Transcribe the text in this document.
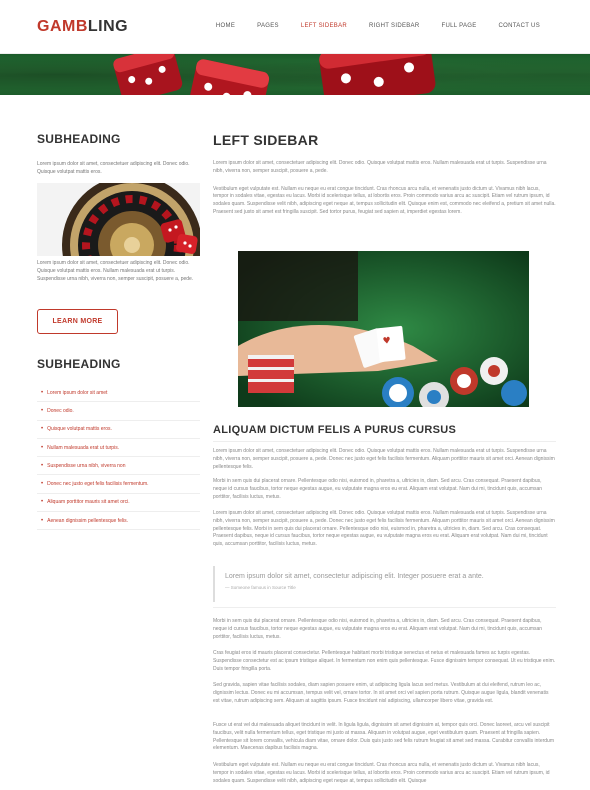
GAMBLING	HOME	PAGES	LEFT SIDEBAR	RIGHT SIDEBAR	FULL PAGE	CONTACT US
SUBHEADING
Lorem ipsum dolor sit amet, consectetuer adipiscing elit. Donec odio. Quisque volutpat mattis eros.
Lorem ipsum dolor sit amet, consectetuer adipiscing elit. Donec odio. Quisque volutpat mattis eros. Nullam malesuada erat ut turpis. Suspendisse urna nibh, viverra non, semper suscipit, posuere a, pede.
LEARN MORE
SUBHEADING
• Lorem ipsum dolor sit amet
• Donec odio.
• Quisque volutpat mattis eros.
• Nullam malesuada erat ut turpis.
• Suspendisse urna nibh, viverra non
• Donec nec justo eget felis facilisis fermentum.
• Aliquam porttitor mauris sit amet orci.
• Aenean dignissim pellentesque felis.
LEFT SIDEBAR
Lorem ipsum dolor sit amet, consectetuer adipiscing elit. Donec odio. Quisque volutpat mattis eros. Nullam malesuada erat ut turpis. Suspendisse urna nibh, viverra non, semper suscipit, posuere a, pede.
Vestibulum eget vulputate est. Nullam eu neque eu erat congue tincidunt. Cras rhoncus arcu nulla, et venenatis justo dictum ut. Vivamus nibh lacus, tempor in sodales vitae, egestas eu lacus. Morbi id scelerisque tellus, at lobortis eros. Proin commodo varius arcu ac suscipit. Etiam vel rutrum ipsum, id sodales quam. Suspendisse velit nibh, adipiscing eget neque at, tempus sollicitudin elit. Quisque enim est, commodo nec eleifend a, pretium sit amet nulla. Praesent sed justo sit amet est fringilla suscipit. Sed tortor purus, feugiat sed sapien at, imperdiet egestas lorem.
♥
ALIQUAM DICTUM FELIS A PURUS CURSUS
Lorem ipsum dolor sit amet, consectetuer adipiscing elit. Donec odio. Quisque volutpat mattis eros. Nullam malesuada erat ut turpis. Suspendisse urna nibh, viverra non, semper suscipit, posuere a, pede. Donec nec justo eget felis facilisis fermentum. Aliquam porttitor mauris sit amet orci. Aenean dignissim pellentesque felis.
Morbi in sem quis dui placerat ornare. Pellentesque odio nisi, euismod in, pharetra a, ultricies in, diam. Sed arcu. Cras consequat. Praesent dapibus, neque id cursus faucibus, tortor neque egestas augue, eu vulputate magna eros eu erat. Aliquam erat volutpat. Nam dui mi, tincidunt quis, accumsan porttitor, facilisis luctus, metus.
Lorem ipsum dolor sit amet, consectetuer adipiscing elit. Donec odio. Quisque volutpat mattis eros. Nullam malesuada erat ut turpis. Suspendisse urna nibh, viverra non, semper suscipit, posuere a, pede. Donec nec justo eget felis facilisis fermentum. Aliquam porttitor mauris sit amet orci. Aenean dignissim pellentesque felis. Morbi in sem quis dui placerat ornare. Pellentesque odio nisi, euismod in, pharetra a, ultricies in, diam. Sed arcu. Cras consequat. Praesent dapibus, neque id cursus faucibus, tortor neque egestas augue, eu vulputate magna eros eu erat. Aliquam erat volutpat. Nam dui mi, tincidunt quis, accumsan porttitor, facilisis luctus, metus.
Lorem ipsum dolor sit amet, consectetur adipiscing elit. Integer posuere erat a ante.
— Someone famous in Source Title
Morbi in sem quis dui placerat ornare. Pellentesque odio nisi, euismod in, pharetra a, ultricies in, diam. Sed arcu. Cras consequat. Praesent dapibus, neque id cursus faucibus, tortor neque egestas augue, eu vulputate magna eros eu erat. Aliquam erat volutpat. Nam dui mi, tincidunt quis, accumsan porttitor, facilisis luctus, metus.
Cras feugiat eros id mauris placerat consectetur. Pellentesque habitant morbi tristique senectus et netus et malesuada fames ac turpis egestas. Suspendisse consectetur est ac ipsum tristique aliquet. In fermentum non enim quis pellentesque. Fusce dignissim tempor consequat. Ut eu tristique enim. Duis tempor fringilla porta.
Sed gravida, sapien vitae facilisis sodales, diam sapien posuere enim, ut adipiscing ligula lacus sed metus. Vestibulum at dui eleifend, rutrum leo ac, dignissim lectus. Donec eu mi accumsan, tempus velit vel, ornare tortor. In sit amet orci vel sapien porta rutrum. Quisque augue ligula, blandit venenatis est vitae, rutrum adipiscing sem. Aliquam at sagittis ipsum. Fusce tincidunt nisl adipiscing, ullamcorper libero vitae, gravida est.
Fusce ut erat vel dui malesuada aliquet tincidunt in velit. In ligula ligula, dignissim sit amet dignissim at, tempor quis orci. Donec laoreet, arcu vel suscipit faucibus, velit nulla fermentum tellus, eget tristique mi justo at massa. Aliquam in volutpat augue, eget vestibulum quam. Praesent at fringilla sapien. Pellentesque sit lorem convallis, vehicula diam vitae, ornare dolor. Duis quis justo sed felis rutrum feugiat sit amet sed massa. Curabitur convallis interdum elementum. Maecenas dapibus facilisis magna.
Vestibulum eget vulputate est. Nullam eu neque eu erat congue tincidunt. Cras rhoncus arcu nulla, et venenatis justo dictum ut. Vivamus nibh lacus, tempor in sodales vitae, egestas eu lacus. Morbi id scelerisque tellus, at lobortis eros. Proin commodo varius arcu ac suscipit. Etiam vel rutrum ipsum, id sodales quam. Suspendisse velit nibh, adipiscing eget neque at, tempus sollicitudin elit. Quisque
